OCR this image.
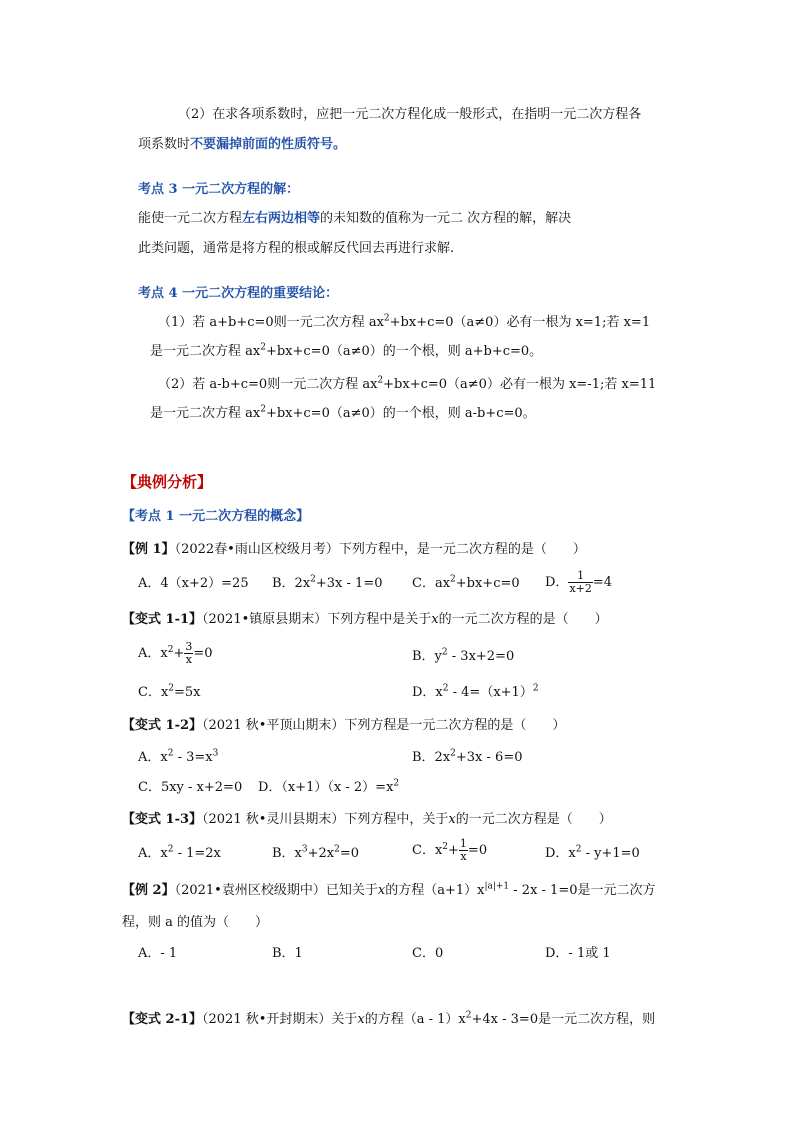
（2）在求各项系数时，应把一元二次方程化成一般形式，在指明一元二次方程各
项系数时不要漏掉前面的性质符号。
考点 3 一元二次方程的解：
能使一元二次方程左右两边相等的未知数的值称为一元二 次方程的解，解决
此类问题，通常是将方程的根或解反代回去再进行求解.
考点 4 一元二次方程的重要结论：
（1）若 a+b+c=0则一元二次方程 $ax^2+bx+c=0(a\ne 0)$必有一根为 x=1;若 x=1
是一元二次方程 $ax^2+bx+c=0(a\ne 0)$的一个根，则 a+b+c=0。
（2）若 a-b+c=0则一元二次方程 $ax^2+bx+c=0(a\ne 0)$必有一根为 x=-1;若 x=11
是一元二次方程 $ax^2+bx+c=0(a\ne 0)$的一个根，则 a-b+c=0。
【典例分析】
【考点 1 一元二次方程的概念】
【例 1】（2022春•雨山区校级月考）下列方程中，是一元二次方程的是（　　）
A．4（x+2）=25 B．$2x^2+3x - 1=0$ C．$ax^2+bx+c=0$ D． $\frac{1}{x+2} =4$
【变式 1-1】（2021•镇原县期末）下列方程中是关于x的一元二次方程的是（　　）
A．$x^2+ \frac{3}{x} =0$	B．$y^2 - 3x+2=0$
C．$x^2=5x$	D．$x^2 - 4=(x+1)^2$
【变式 1-2】（2021 秋•平顶山期末）下列方程是一元二次方程的是（　　）
A．$x^2 - 3=x^3$	B．$2x^2+3x - 6=0$
C．5xy - x+2=0 D．$(x+1)(x - 2)=x^2$
【变式 1-3】（2021 秋•灵川县期末）下列方程中，关于x的一元二次方程是（　　）
A．$x^2 - 1=2x$	B．$x^3+2x^2=0$	C．$x^2+ \frac{1}{x} =0$	D．$x^2 - y+1=0$
【例 2】（2021•袁州区校级期中）已知关于x的方程$(a+1)x^{|a|+1} - 2x - 1=0$是一元二次方
程，则 a 的值为（　　）
A．- 1	B．1	C．0	D．- 1或 1
【变式 2-1】（2021 秋•开封期末）关于x的方程$(a - 1)x^2+4x - 3=0$是一元二次方程，则
